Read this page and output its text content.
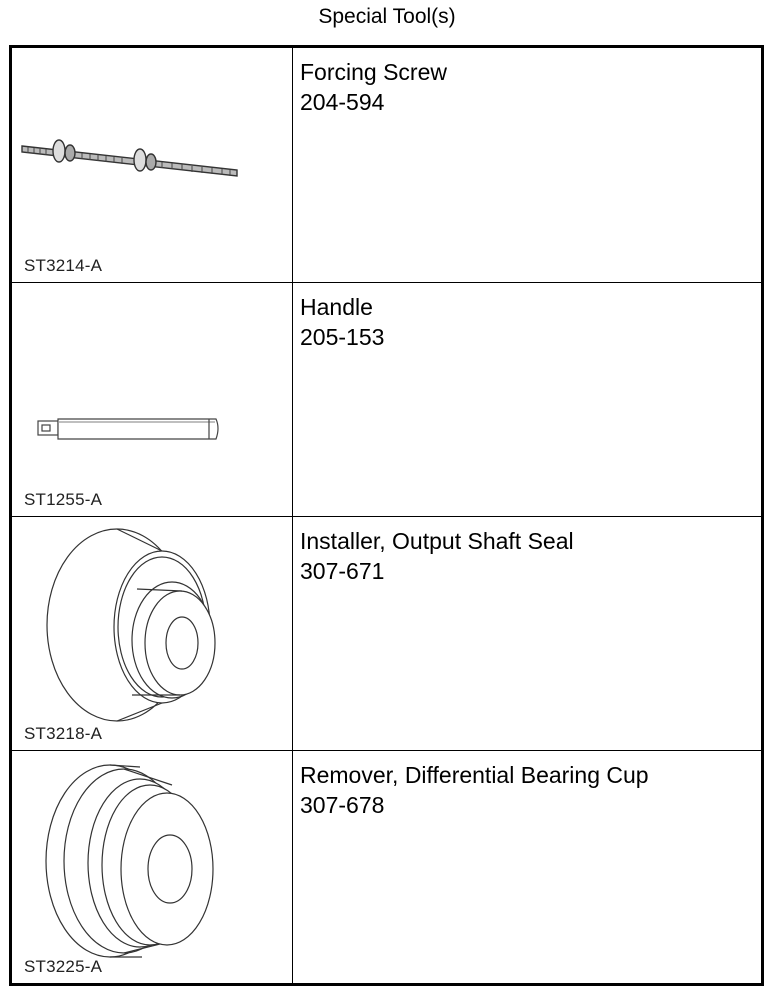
Special Tool(s)
ST3214-A
Forcing Screw
204-594
ST1255-A
Handle
205-153
ST3218-A
Installer, Output Shaft Seal
307-671
ST3225-A
Remover, Differential Bearing Cup
307-678
